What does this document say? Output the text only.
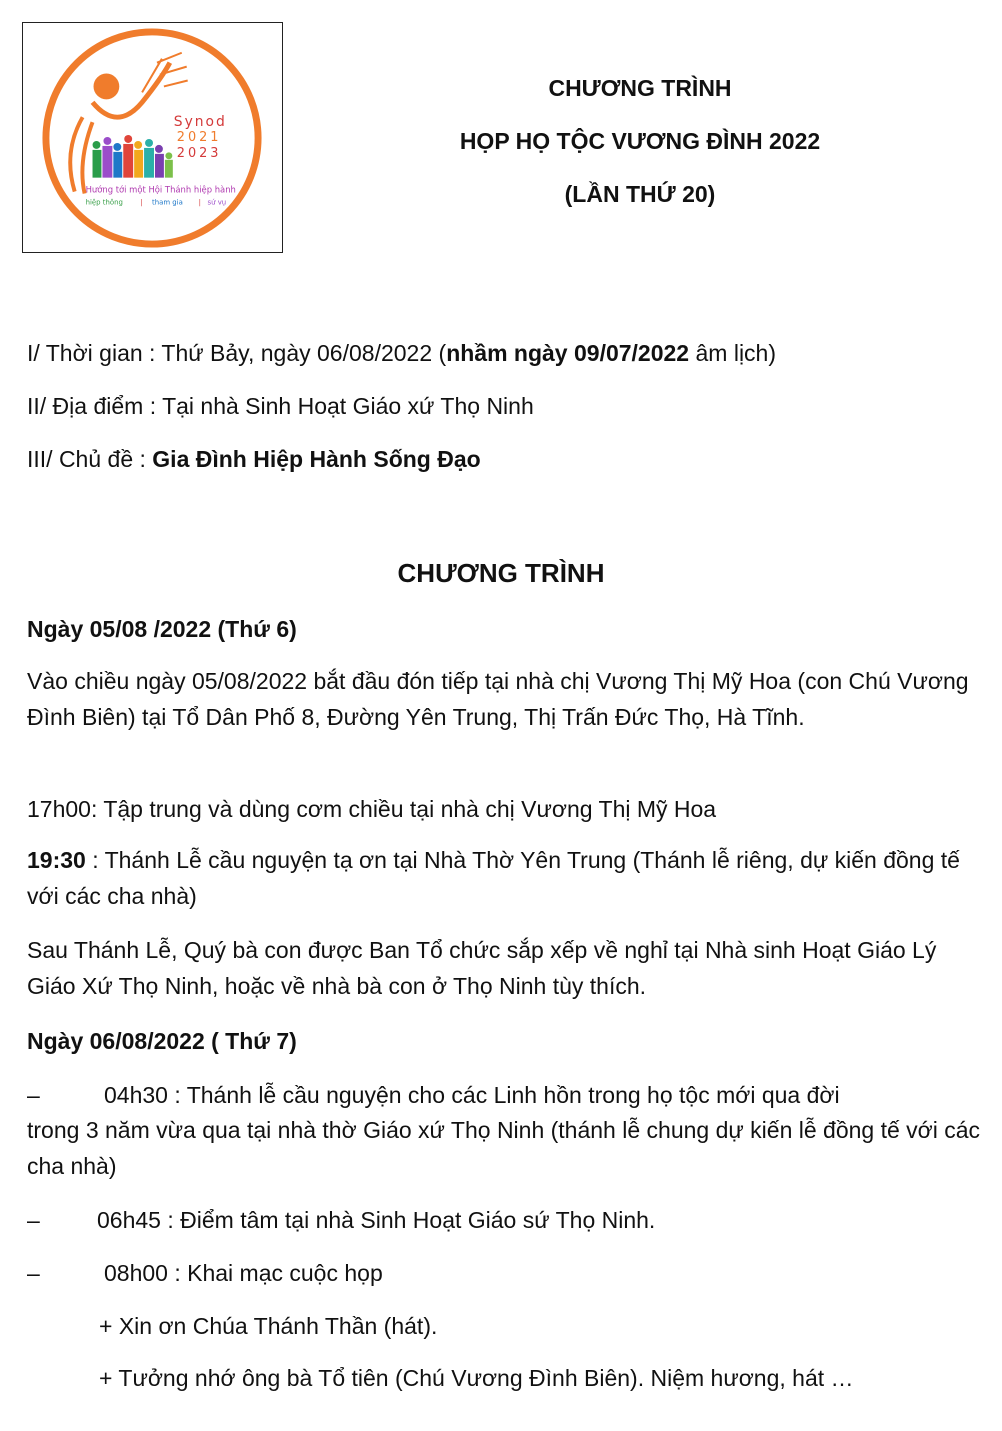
Synod
2021
2023
Hướng tới một Hội Thánh hiệp hành
hiệp thông | tham gia | sứ vụ
CHƯƠNG TRÌNH
HỌP HỌ TỘC VƯƠNG ĐÌNH 2022
(LẦN THỨ 20)
I/ Thời gian : Thứ Bảy, ngày 06/08/2022 (nhầm ngày 09/07/2022 âm lịch)
II/ Địa điểm : Tại nhà Sinh Hoạt Giáo xứ Thọ Ninh
III/ Chủ đề : Gia Đình Hiệp Hành Sống Đạo
CHƯƠNG TRÌNH
Ngày 05/08 /2022 (Thứ 6)
Vào chiều ngày 05/08/2022 bắt đầu đón tiếp tại nhà chị Vương Thị Mỹ Hoa (con Chú Vương Đình Biên) tại Tổ Dân Phố 8, Đường Yên Trung, Thị Trấn Đức Thọ, Hà Tĩnh.
17h00: Tập trung và dùng cơm chiều tại nhà chị Vương Thị Mỹ Hoa
19:30 : Thánh Lễ cầu nguyện tạ ơn tại Nhà Thờ Yên Trung (Thánh lễ riêng, dự kiến đồng tế với các cha nhà)
Sau Thánh Lễ, Quý bà con được Ban Tổ chức sắp xếp về nghỉ tại Nhà sinh Hoạt Giáo Lý Giáo Xứ Thọ Ninh, hoặc về nhà bà con ở Thọ Ninh tùy thích.
Ngày 06/08/2022 ( Thứ 7)
–	04h30 : Thánh lễ cầu nguyện cho các Linh hồn trong họ tộc mới qua đời
trong 3 năm vừa qua tại nhà thờ Giáo xứ Thọ Ninh (thánh lễ chung dự kiến lễ đồng tế với các cha nhà)
– 06h45 : Điểm tâm tại nhà Sinh Hoạt Giáo sứ Thọ Ninh.
–	08h00 : Khai mạc cuộc họp
+ Xin ơn Chúa Thánh Thần (hát).
+ Tưởng nhớ ông bà Tổ tiên (Chú Vương Đình Biên). Niệm hương, hát …
